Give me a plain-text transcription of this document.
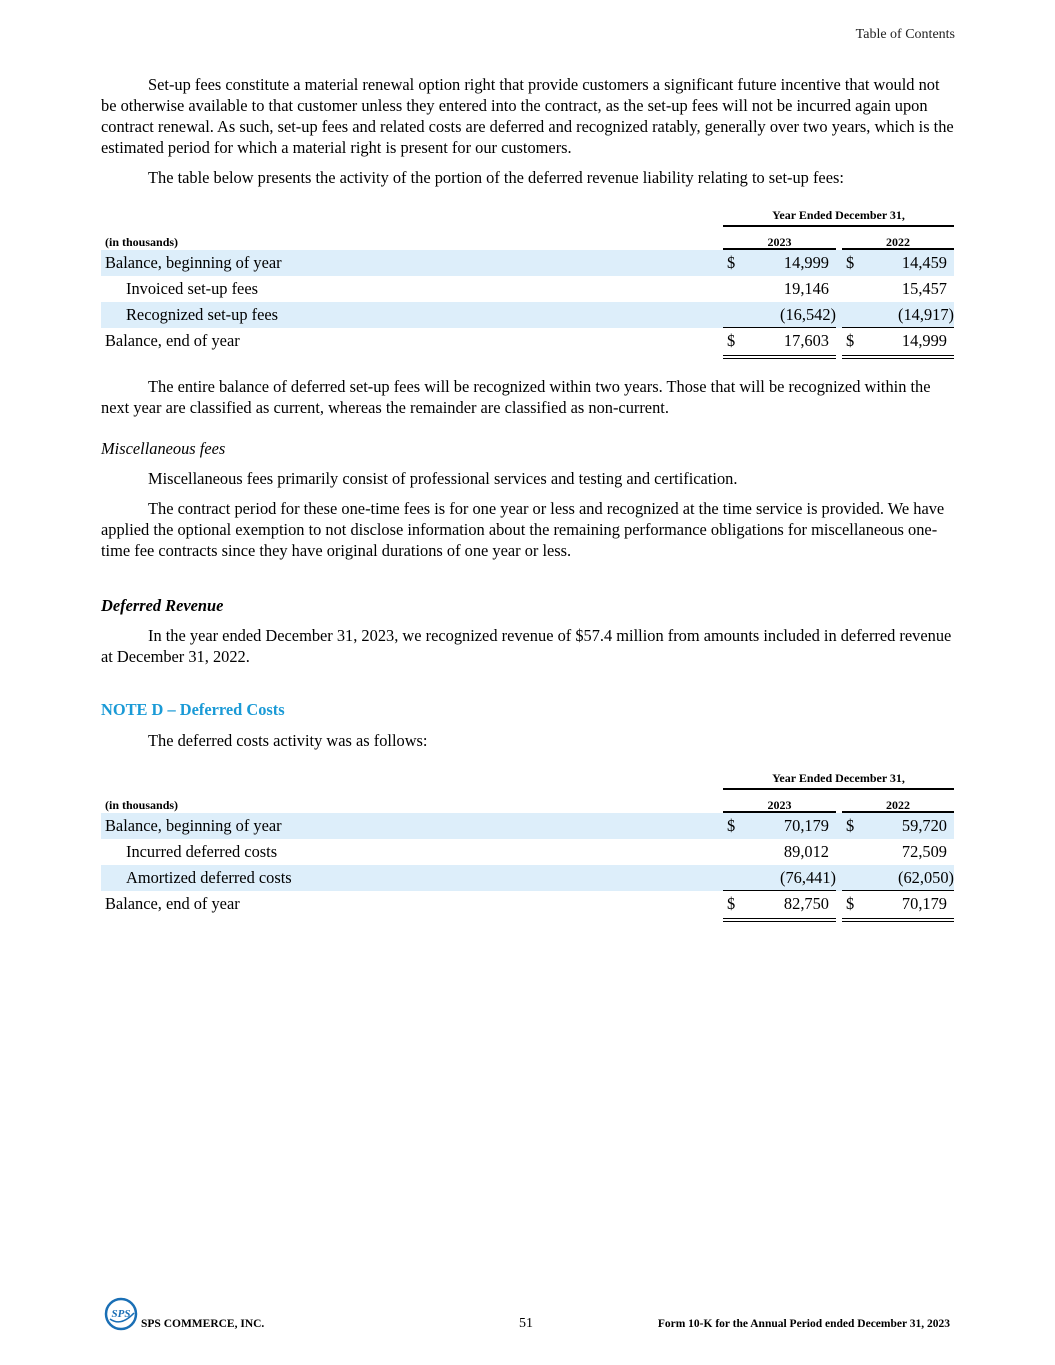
Table of Contents

Set-up fees constitute a material renewal option right that provide customers a significant future incentive that would not be otherwise available to that customer unless they entered into the contract, as the set-up fees will not be incurred again upon contract renewal. As such, set-up fees and related costs are deferred and recognized ratably, generally over two years, which is the estimated period for which a material right is present for our customers.

The table below presents the activity of the portion of the deferred revenue liability relating to set-up fees:

Year Ended December 31,
(in thousands)	2023	2022
Balance, beginning of year	$	14,999 $	14,459
Invoiced set-up fees	19,146	15,457
Recognized set-up fees	(16,542)	(14,917)
Balance, end of year	$	17,603 $	14,999

The entire balance of deferred set-up fees will be recognized within two years. Those that will be recognized within the next year are classified as current, whereas the remainder are classified as non-current.

Miscellaneous fees

Miscellaneous fees primarily consist of professional services and testing and certification.

The contract period for these one-time fees is for one year or less and recognized at the time service is provided. We have applied the optional exemption to not disclose information about the remaining performance obligations for miscellaneous one-time fee contracts since they have original durations of one year or less.

Deferred Revenue

In the year ended December 31, 2023, we recognized revenue of $57.4 million from amounts included in deferred revenue at December 31, 2022.

NOTE D – Deferred Costs

The deferred costs activity was as follows:

Year Ended December 31,
(in thousands)	2023	2022
Balance, beginning of year	$	70,179 $	59,720
Incurred deferred costs	89,012	72,509
Amortized deferred costs	(76,441)	(62,050)
Balance, end of year	$	82,750 $	70,179
SPS
SPS COMMERCE, INC.	51	Form 10-K for the Annual Period ended December 31, 2023
